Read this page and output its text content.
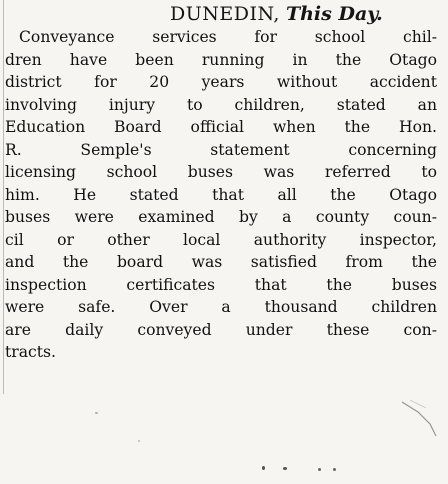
DUNEDIN, This Day.
Conveyance services for school chil-
dren have been running in the Otago
district for 20 years without accident
involving injury to children, stated an
Education Board official when the Hon.
R. Semple's statement concerning
licensing school buses was referred to
him. He stated that all the Otago
buses were examined by a county coun-
cil or other local authority inspector,
and the board was satisfied from the
inspection certificates that the buses
were safe. Over a thousand children
are daily conveyed under these con-
tracts.
